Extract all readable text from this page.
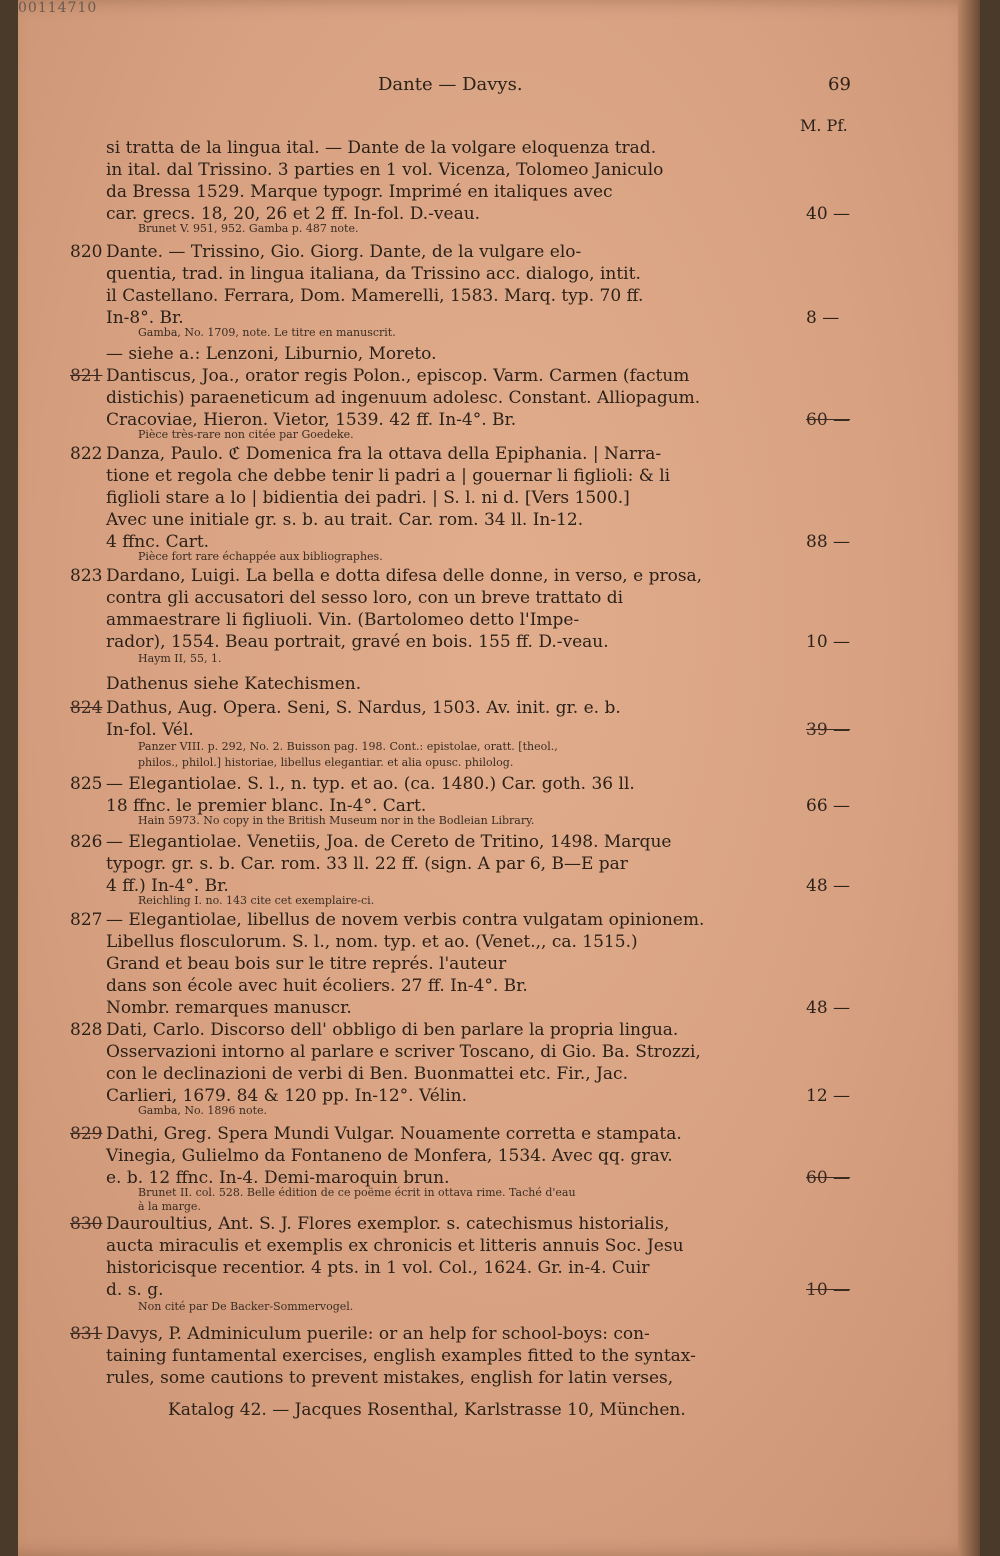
00114710
Dante — Davys.	69
M. Pf.
si tratta de la lingua ital. — Dante de la volgare eloquenza trad.
in ital. dal Trissino. 3 parties en 1 vol. Vicenza, Tolomeo Janiculo
da Bressa 1529. Marque typogr. Imprimé en italiques avec
car. grecs. 18, 20, 26 et 2 ff. In-fol. D.-veau.	40 —
Brunet V. 951, 952. Gamba p. 487 note.
820 Dante. — Trissino, Gio. Giorg. Dante, de la vulgare elo-
quentia, trad. in lingua italiana, da Trissino acc. dialogo, intit.
il Castellano. Ferrara, Dom. Mamerelli, 1583. Marq. typ. 70 ff.
In-8°. Br.	8 —
Gamba, No. 1709, note. Le titre en manuscrit.
— siehe a.: Lenzoni, Liburnio, Moreto.
821 Dantiscus, Joa., orator regis Polon., episcop. Varm. Carmen (factum
distichis) paraeneticum ad ingenuum adolesc. Constant. Alliopagum.
Cracoviae, Hieron. Vietor, 1539. 42 ff. In-4°. Br.	60 —
Pièce très-rare non citée par Goedeke.
822 Danza, Paulo. ℭ Domenica fra la ottava della Epiphania. | Narra-
tione et regola che debbe tenir li padri a | gouernar li figlioli: & li
figlioli stare a lo | bidientia dei padri. | S. l. ni d. [Vers 1500.]
Avec une initiale gr. s. b. au trait. Car. rom. 34 ll. In-12.
4 ffnc. Cart.	88 —
Pièce fort rare échappée aux bibliographes.
823 Dardano, Luigi. La bella e dotta difesa delle donne, in verso, e prosa,
contra gli accusatori del sesso loro, con un breve trattato di
ammaestrare li figliuoli. Vin. (Bartolomeo detto l'Impe-
rador), 1554. Beau portrait, gravé en bois. 155 ff. D.-veau.	10 —
Haym II, 55, 1.
Dathenus siehe Katechismen.
824 Dathus, Aug. Opera. Seni, S. Nardus, 1503. Av. init. gr. e. b.
In-fol. Vél.	39 —
Panzer VIII. p. 292, No. 2. Buisson pag. 198. Cont.: epistolae, oratt. [theol.,
philos., philol.] historiae, libellus elegantiar. et alia opusc. philolog.
825 — Elegantiolae. S. l., n. typ. et ao. (ca. 1480.) Car. goth. 36 ll.
18 ffnc. le premier blanc. In-4°. Cart.	66 —
Hain 5973. No copy in the British Museum nor in the Bodleian Library.
826 — Elegantiolae. Venetiis, Joa. de Cereto de Tritino, 1498. Marque
typogr. gr. s. b. Car. rom. 33 ll. 22 ff. (sign. A par 6, B—E par
4 ff.) In-4°. Br.	48 —
Reichling I. no. 143 cite cet exemplaire-ci.
827 — Elegantiolae, libellus de novem verbis contra vulgatam opinionem.
Libellus flosculorum. S. l., nom. typ. et ao. (Venet.,, ca. 1515.)
Grand et beau bois sur le titre représ. l'auteur
dans son école avec huit écoliers. 27 ff. In-4°. Br.
Nombr. remarques manuscr.	48 —
828 Dati, Carlo. Discorso dell' obbligo di ben parlare la propria lingua.
Osservazioni intorno al parlare e scriver Toscano, di Gio. Ba. Strozzi,
con le declinazioni de verbi di Ben. Buonmattei etc. Fir., Jac.
Carlieri, 1679. 84 & 120 pp. In-12°. Vélin.	12 —
Gamba, No. 1896 note.
829 Dathi, Greg. Spera Mundi Vulgar. Nouamente corretta e stampata.
Vinegia, Gulielmo da Fontaneno de Monfera, 1534. Avec qq. grav.
e. b. 12 ffnc. In-4. Demi-maroquin brun.	60 —
Brunet II. col. 528. Belle édition de ce poëme écrit in ottava rime. Taché d'eau
à la marge.
830 Dauroultius, Ant. S. J. Flores exemplor. s. catechismus historialis,
aucta miraculis et exemplis ex chronicis et litteris annuis Soc. Jesu
historicisque recentior. 4 pts. in 1 vol. Col., 1624. Gr. in-4. Cuir
d. s. g.	10 —
Non cité par De Backer-Sommervogel.
831 Davys, P. Adminiculum puerile: or an help for school-boys: con-
taining funtamental exercises, english examples fitted to the syntax-
rules, some cautions to prevent mistakes, english for latin verses,
Katalog 42. — Jacques Rosenthal, Karlstrasse 10, München.
